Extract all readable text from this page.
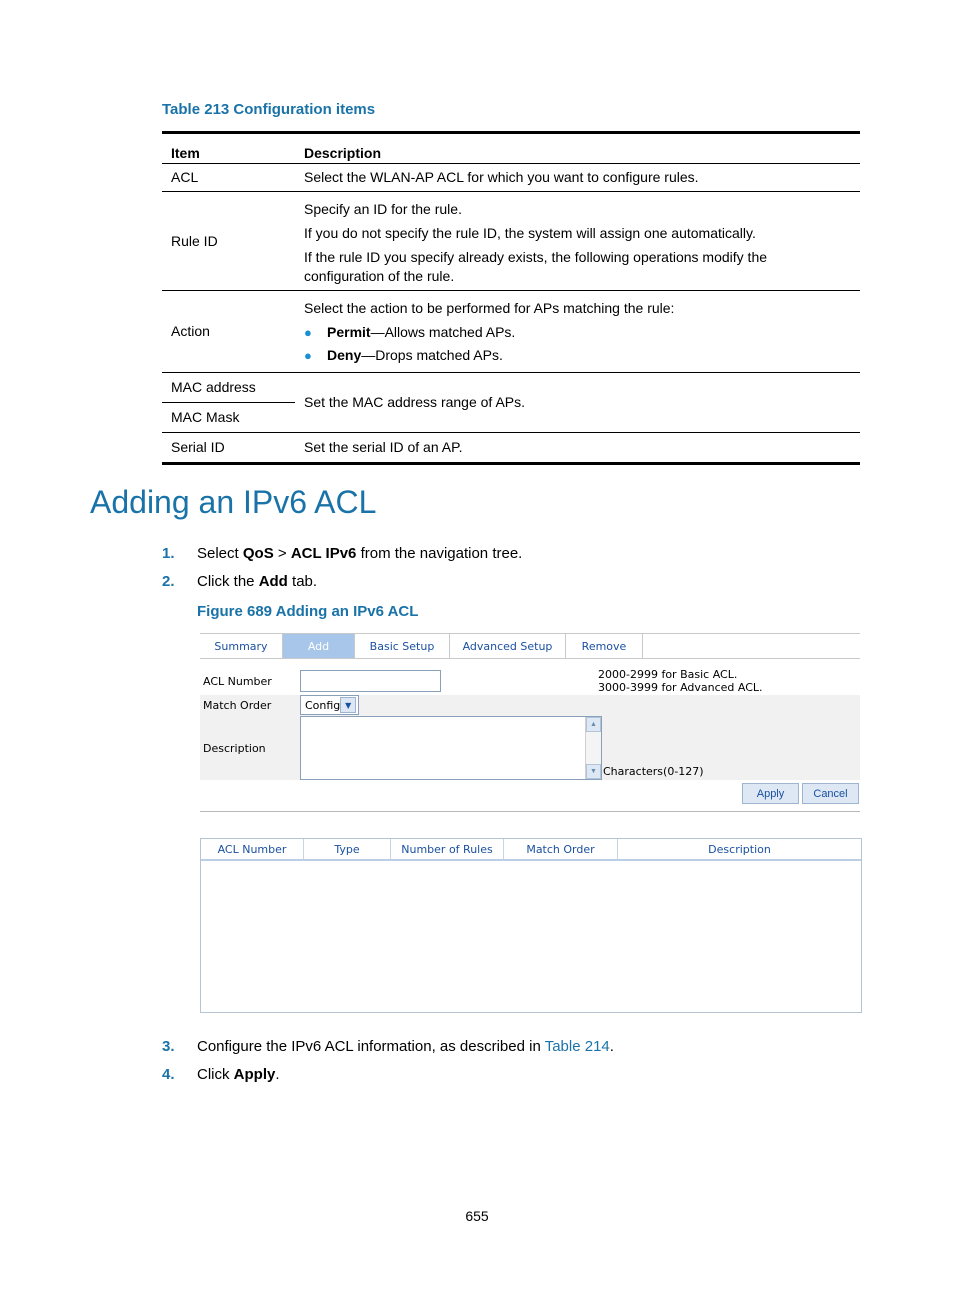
Table 213 Configuration items
Item	Description
ACL	Select the WLAN-AP ACL for which you want to configure rules.
Rule ID	Specify an ID for the rule.

If you do not specify the rule ID, the system will assign one automatically.

If the rule ID you specify already exists, the following operations modify the configuration of the rule.

Action	Select the action to be performed for APs matching the rule:

● Permit—Allows matched APs.
● Deny—Drops matched APs.

MAC address	Set the MAC address range of APs.
MAC Mask	
Serial ID	Set the serial ID of an AP.
Adding an IPv6 ACL
1. Select QoS > ACL IPv6 from the navigation tree.
2. Click the Add tab.
Figure 689 Adding an IPv6 ACL
Summary	Add	Basic Setup	Advanced Setup	Remove
ACL Number
2000-2999 for Basic ACL.
3000-3999 for Advanced ACL.
Match Order	Config ▼
Description
▲
▼ Characters(0-127)
Apply	Cancel
ACL Number	Type	Number of Rules	Match Order	Description
3. Configure the IPv6 ACL information, as described in Table 214.
4. Click Apply.
655
